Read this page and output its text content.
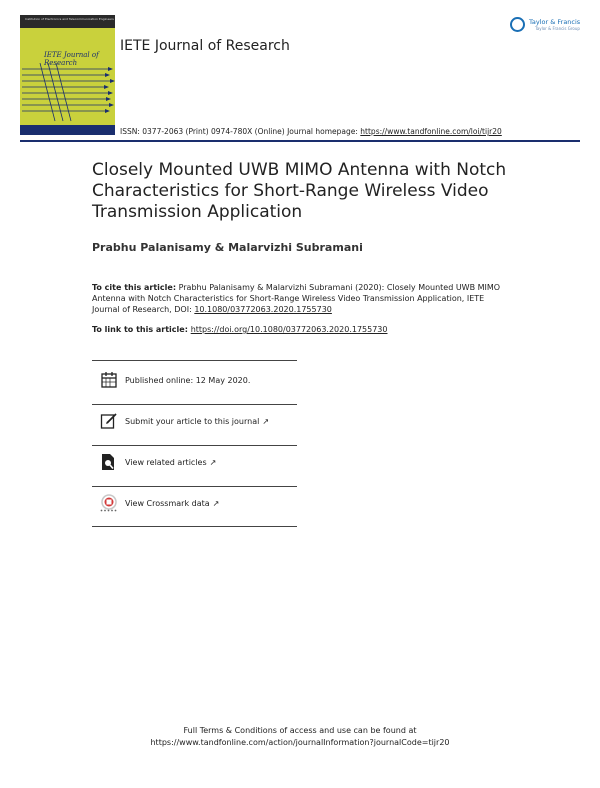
Institution of Electronics and Telecommunication Engineers
IETE Journal of Research
IETE Journal of Research
Taylor & Francis
Taylor & Francis Group
ISSN: 0377-2063 (Print) 0974-780X (Online) Journal homepage: https://www.tandfonline.com/loi/tijr20
Closely Mounted UWB MIMO Antenna with Notch Characteristics for Short-Range Wireless Video Transmission Application
Prabhu Palanisamy & Malarvizhi Subramani
To cite this article: Prabhu Palanisamy & Malarvizhi Subramani (2020): Closely Mounted UWB MIMO Antenna with Notch Characteristics for Short-Range Wireless Video Transmission Application, IETE Journal of Research, DOI: 10.1080/03772063.2020.1755730
To link to this article: https://doi.org/10.1080/03772063.2020.1755730
Published online: 12 May 2020.
Submit your article to this journal ↗
View related articles ↗
View Crossmark data ↗
Full Terms & Conditions of access and use can be found at
https://www.tandfonline.com/action/journalInformation?journalCode=tijr20
